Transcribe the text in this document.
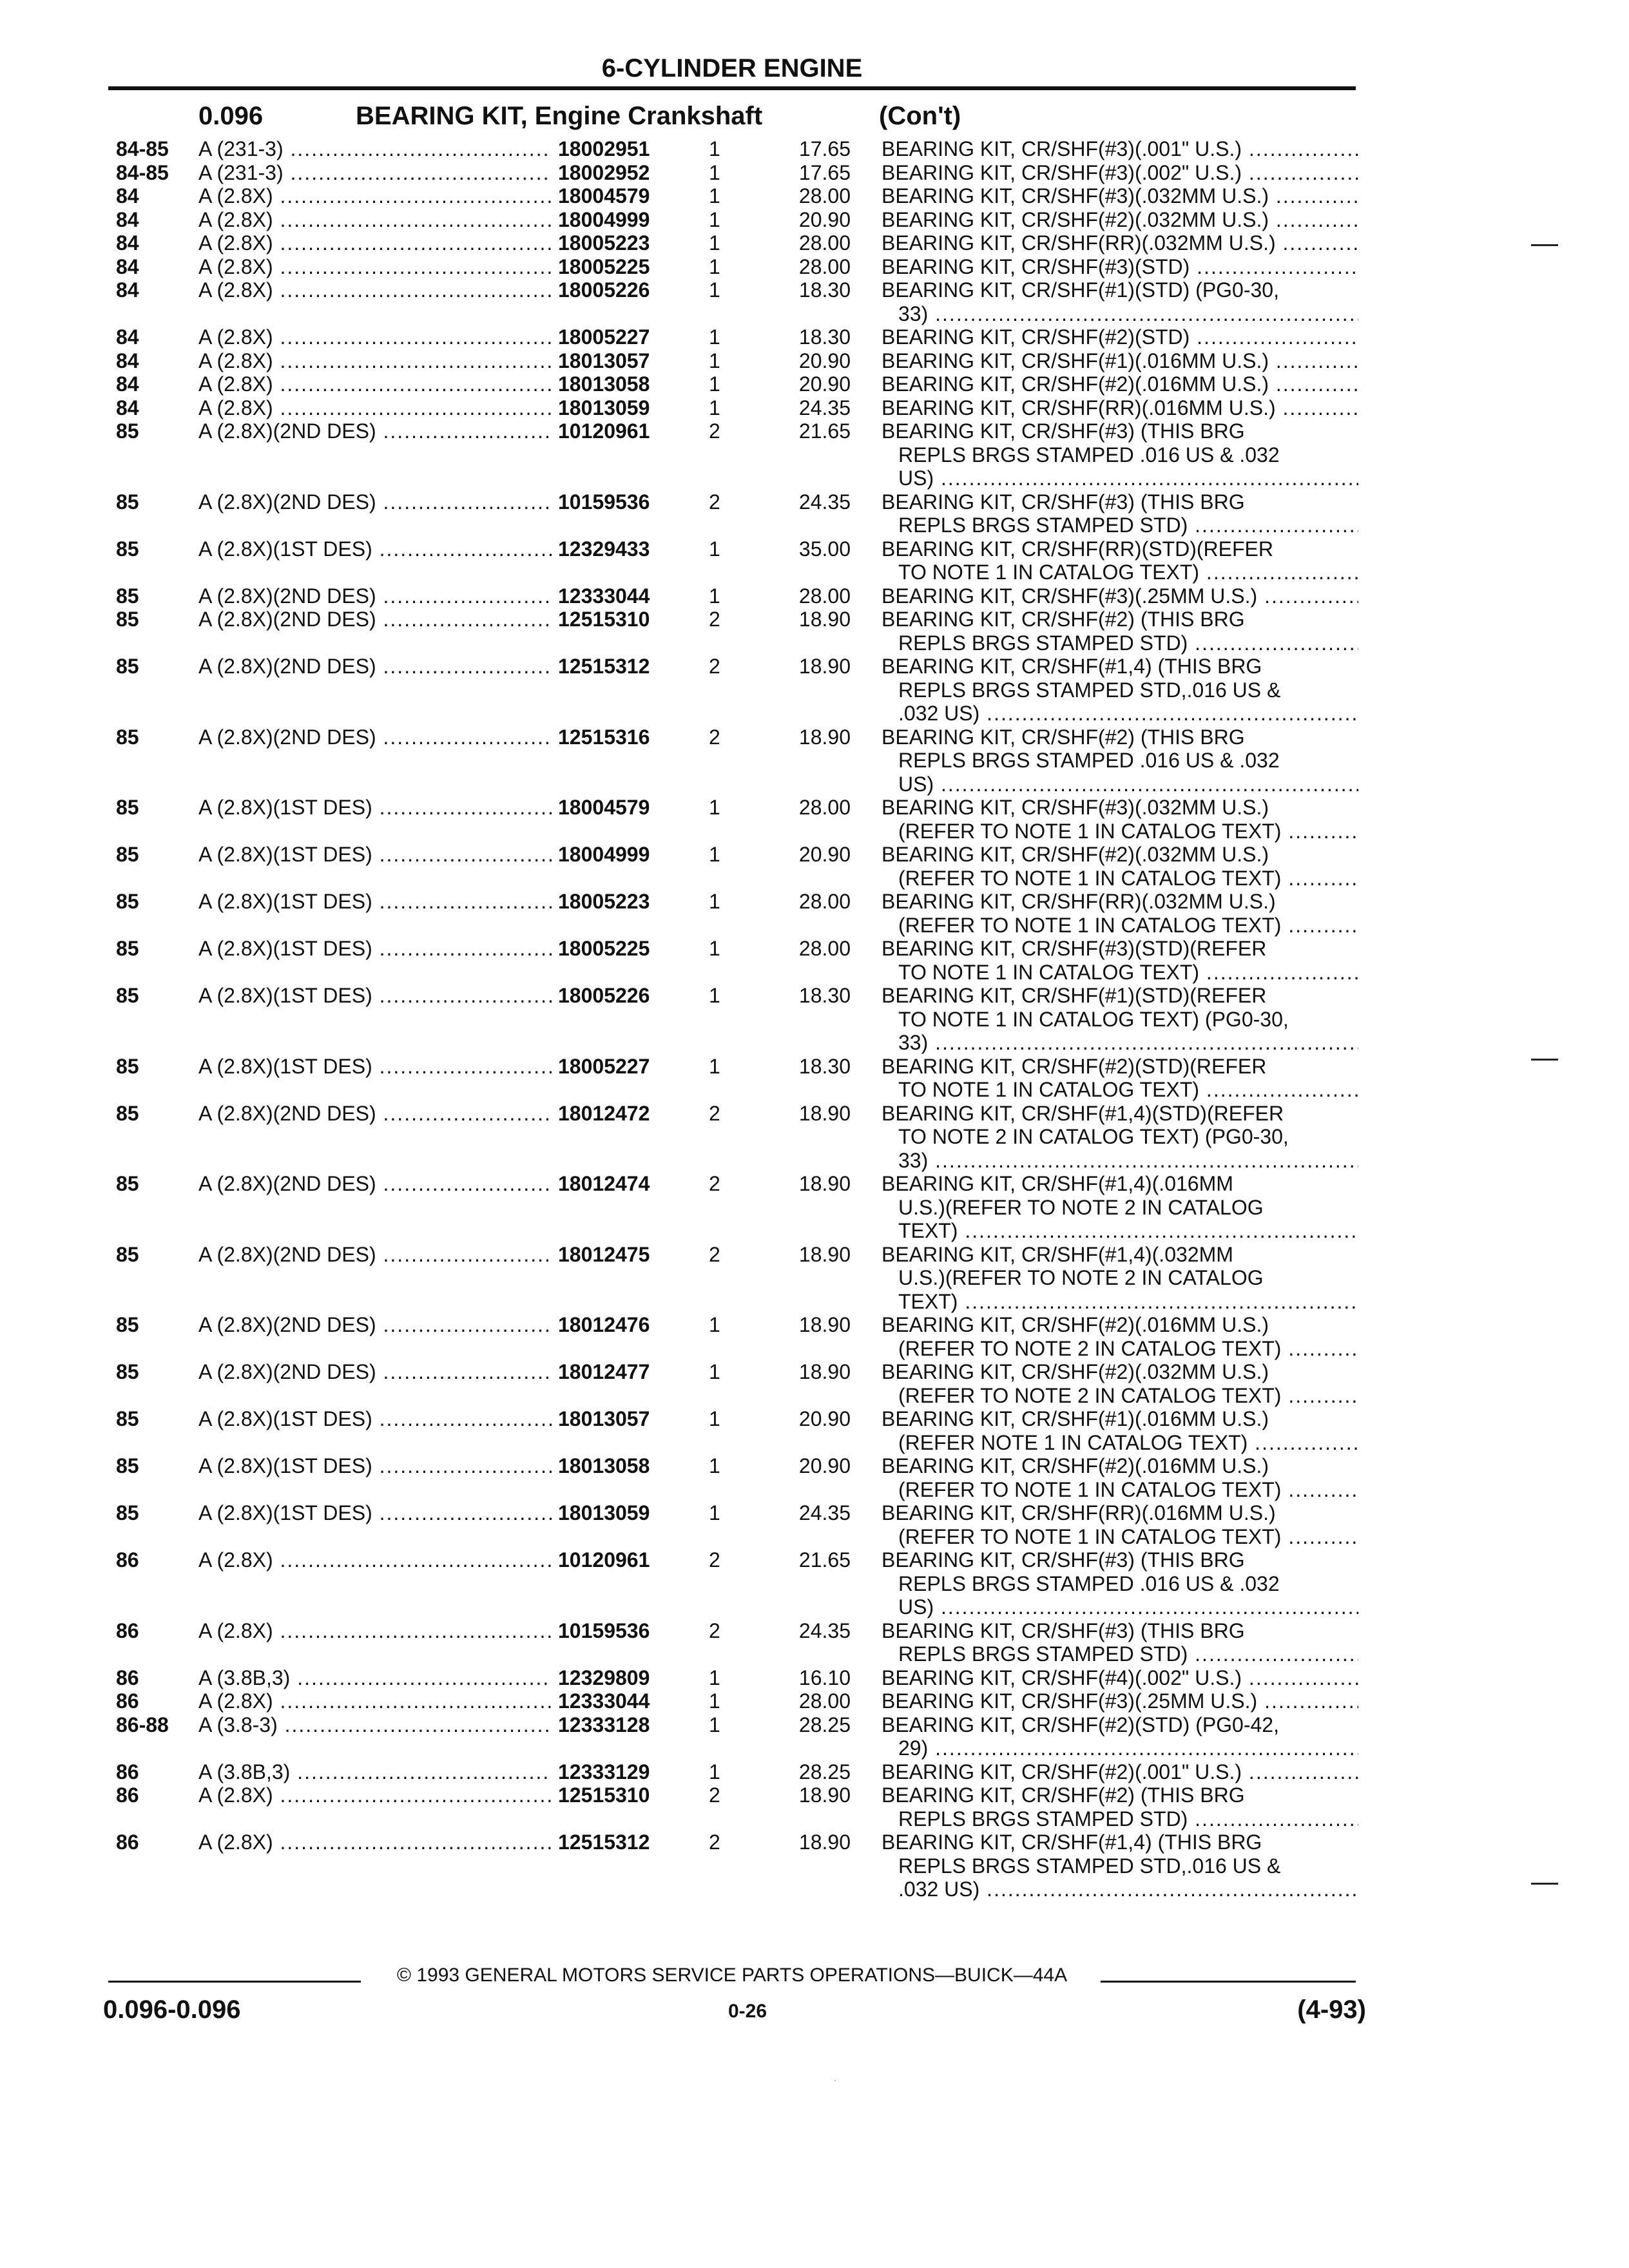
6-CYLINDER ENGINE
0.096	BEARING KIT, Engine Crankshaft	(Con't)
84-85 A (231-3) .....	18002951	1	17.65 BEARING KIT, CR/SHF(#3)(.001" U.S.) .....
84-85 A (231-3) .....	18002952	1	17.65 BEARING KIT, CR/SHF(#3)(.002" U.S.) .....
84	A (2.8X) .....	18004579	1	28.00 BEARING KIT, CR/SHF(#3)(.032MM U.S.) .....
84	A (2.8X) .....	18004999	1	20.90 BEARING KIT, CR/SHF(#2)(.032MM U.S.) .....
84	A (2.8X) .....	18005223	1	28.00 BEARING KIT, CR/SHF(RR)(.032MM U.S.) .....
84	A (2.8X) .....	18005225	1	28.00 BEARING KIT, CR/SHF(#3)(STD) .....
84	A (2.8X) .....	18005226	1	18.30 BEARING KIT, CR/SHF(#1)(STD) (PG0-30,
33) .....
84	A (2.8X) .....	18005227	1	18.30 BEARING KIT, CR/SHF(#2)(STD) .....
84	A (2.8X) .....	18013057	1	20.90 BEARING KIT, CR/SHF(#1)(.016MM U.S.) .....
84	A (2.8X) .....	18013058	1	20.90 BEARING KIT, CR/SHF(#2)(.016MM U.S.) .....
84	A (2.8X) .....	18013059	1	24.35 BEARING KIT, CR/SHF(RR)(.016MM U.S.) .....
85	A (2.8X)(2ND DES) .....	10120961	2	21.65 BEARING KIT, CR/SHF(#3) (THIS BRG
REPLS BRGS STAMPED .016 US & .032
US) .....
85	A (2.8X)(2ND DES) .....	10159536	2	24.35 BEARING KIT, CR/SHF(#3) (THIS BRG
REPLS BRGS STAMPED STD) .....
85	A (2.8X)(1ST DES) .....	12329433	1	35.00 BEARING KIT, CR/SHF(RR)(STD)(REFER
TO NOTE 1 IN CATALOG TEXT) .....
85	A (2.8X)(2ND DES) .....	12333044	1	28.00 BEARING KIT, CR/SHF(#3)(.25MM U.S.) .....
85	A (2.8X)(2ND DES) .....	12515310	2	18.90 BEARING KIT, CR/SHF(#2) (THIS BRG
REPLS BRGS STAMPED STD) .....
85	A (2.8X)(2ND DES) .....	12515312	2	18.90 BEARING KIT, CR/SHF(#1,4) (THIS BRG
REPLS BRGS STAMPED STD,.016 US &
.032 US) .....
85	A (2.8X)(2ND DES) .....	12515316	2	18.90 BEARING KIT, CR/SHF(#2) (THIS BRG
REPLS BRGS STAMPED .016 US & .032
US) .....
85	A (2.8X)(1ST DES) .....	18004579	1	28.00 BEARING KIT, CR/SHF(#3)(.032MM U.S.)
(REFER TO NOTE 1 IN CATALOG TEXT) .....
85	A (2.8X)(1ST DES) .....	18004999	1	20.90 BEARING KIT, CR/SHF(#2)(.032MM U.S.)
(REFER TO NOTE 1 IN CATALOG TEXT) .....
85	A (2.8X)(1ST DES) .....	18005223	1	28.00 BEARING KIT, CR/SHF(RR)(.032MM U.S.)
(REFER TO NOTE 1 IN CATALOG TEXT) .....
85	A (2.8X)(1ST DES) .....	18005225	1	28.00 BEARING KIT, CR/SHF(#3)(STD)(REFER
TO NOTE 1 IN CATALOG TEXT) .....
85	A (2.8X)(1ST DES) .....	18005226	1	18.30 BEARING KIT, CR/SHF(#1)(STD)(REFER
TO NOTE 1 IN CATALOG TEXT) (PG0-30,
33) .....
85	A (2.8X)(1ST DES) .....	18005227	1	18.30 BEARING KIT, CR/SHF(#2)(STD)(REFER
TO NOTE 1 IN CATALOG TEXT) .....
85	A (2.8X)(2ND DES) .....	18012472	2	18.90 BEARING KIT, CR/SHF(#1,4)(STD)(REFER
TO NOTE 2 IN CATALOG TEXT) (PG0-30,
33) .....
85	A (2.8X)(2ND DES) .....	18012474	2	18.90 BEARING KIT, CR/SHF(#1,4)(.016MM
U.S.)(REFER TO NOTE 2 IN CATALOG
TEXT) .....
85	A (2.8X)(2ND DES) .....	18012475	2	18.90 BEARING KIT, CR/SHF(#1,4)(.032MM
U.S.)(REFER TO NOTE 2 IN CATALOG
TEXT) .....
85	A (2.8X)(2ND DES) .....	18012476	1	18.90 BEARING KIT, CR/SHF(#2)(.016MM U.S.)
(REFER TO NOTE 2 IN CATALOG TEXT) .....
85	A (2.8X)(2ND DES) .....	18012477	1	18.90 BEARING KIT, CR/SHF(#2)(.032MM U.S.)
(REFER TO NOTE 2 IN CATALOG TEXT) .....
85	A (2.8X)(1ST DES) .....	18013057	1	20.90 BEARING KIT, CR/SHF(#1)(.016MM U.S.)
(REFER NOTE 1 IN CATALOG TEXT) .....
85	A (2.8X)(1ST DES) .....	18013058	1	20.90 BEARING KIT, CR/SHF(#2)(.016MM U.S.)
(REFER TO NOTE 1 IN CATALOG TEXT) .....
85	A (2.8X)(1ST DES) .....	18013059	1	24.35 BEARING KIT, CR/SHF(RR)(.016MM U.S.)
(REFER TO NOTE 1 IN CATALOG TEXT) .....
86	A (2.8X) .....	10120961	2	21.65 BEARING KIT, CR/SHF(#3) (THIS BRG
REPLS BRGS STAMPED .016 US & .032
US) .....
86	A (2.8X) .....	10159536	2	24.35 BEARING KIT, CR/SHF(#3) (THIS BRG
REPLS BRGS STAMPED STD) .....
86	A (3.8B,3) .....	12329809	1	16.10 BEARING KIT, CR/SHF(#4)(.002" U.S.) .....
86	A (2.8X) .....	12333044	1	28.00 BEARING KIT, CR/SHF(#3)(.25MM U.S.) .....
86-88 A (3.8-3) .....	12333128	1	28.25 BEARING KIT, CR/SHF(#2)(STD) (PG0-42,
29) .....
86	A (3.8B,3) .....	12333129	1	28.25 BEARING KIT, CR/SHF(#2)(.001" U.S.) .....
86	A (2.8X) .....	12515310	2	18.90 BEARING KIT, CR/SHF(#2) (THIS BRG
REPLS BRGS STAMPED STD) .....
86	A (2.8X) .....	12515312	2	18.90 BEARING KIT, CR/SHF(#1,4) (THIS BRG
REPLS BRGS STAMPED STD,.016 US &
.032 US) .....
© 1993 GENERAL MOTORS SERVICE PARTS OPERATIONS—BUICK—44A
0.096-0.096	0-26	(4-93)
